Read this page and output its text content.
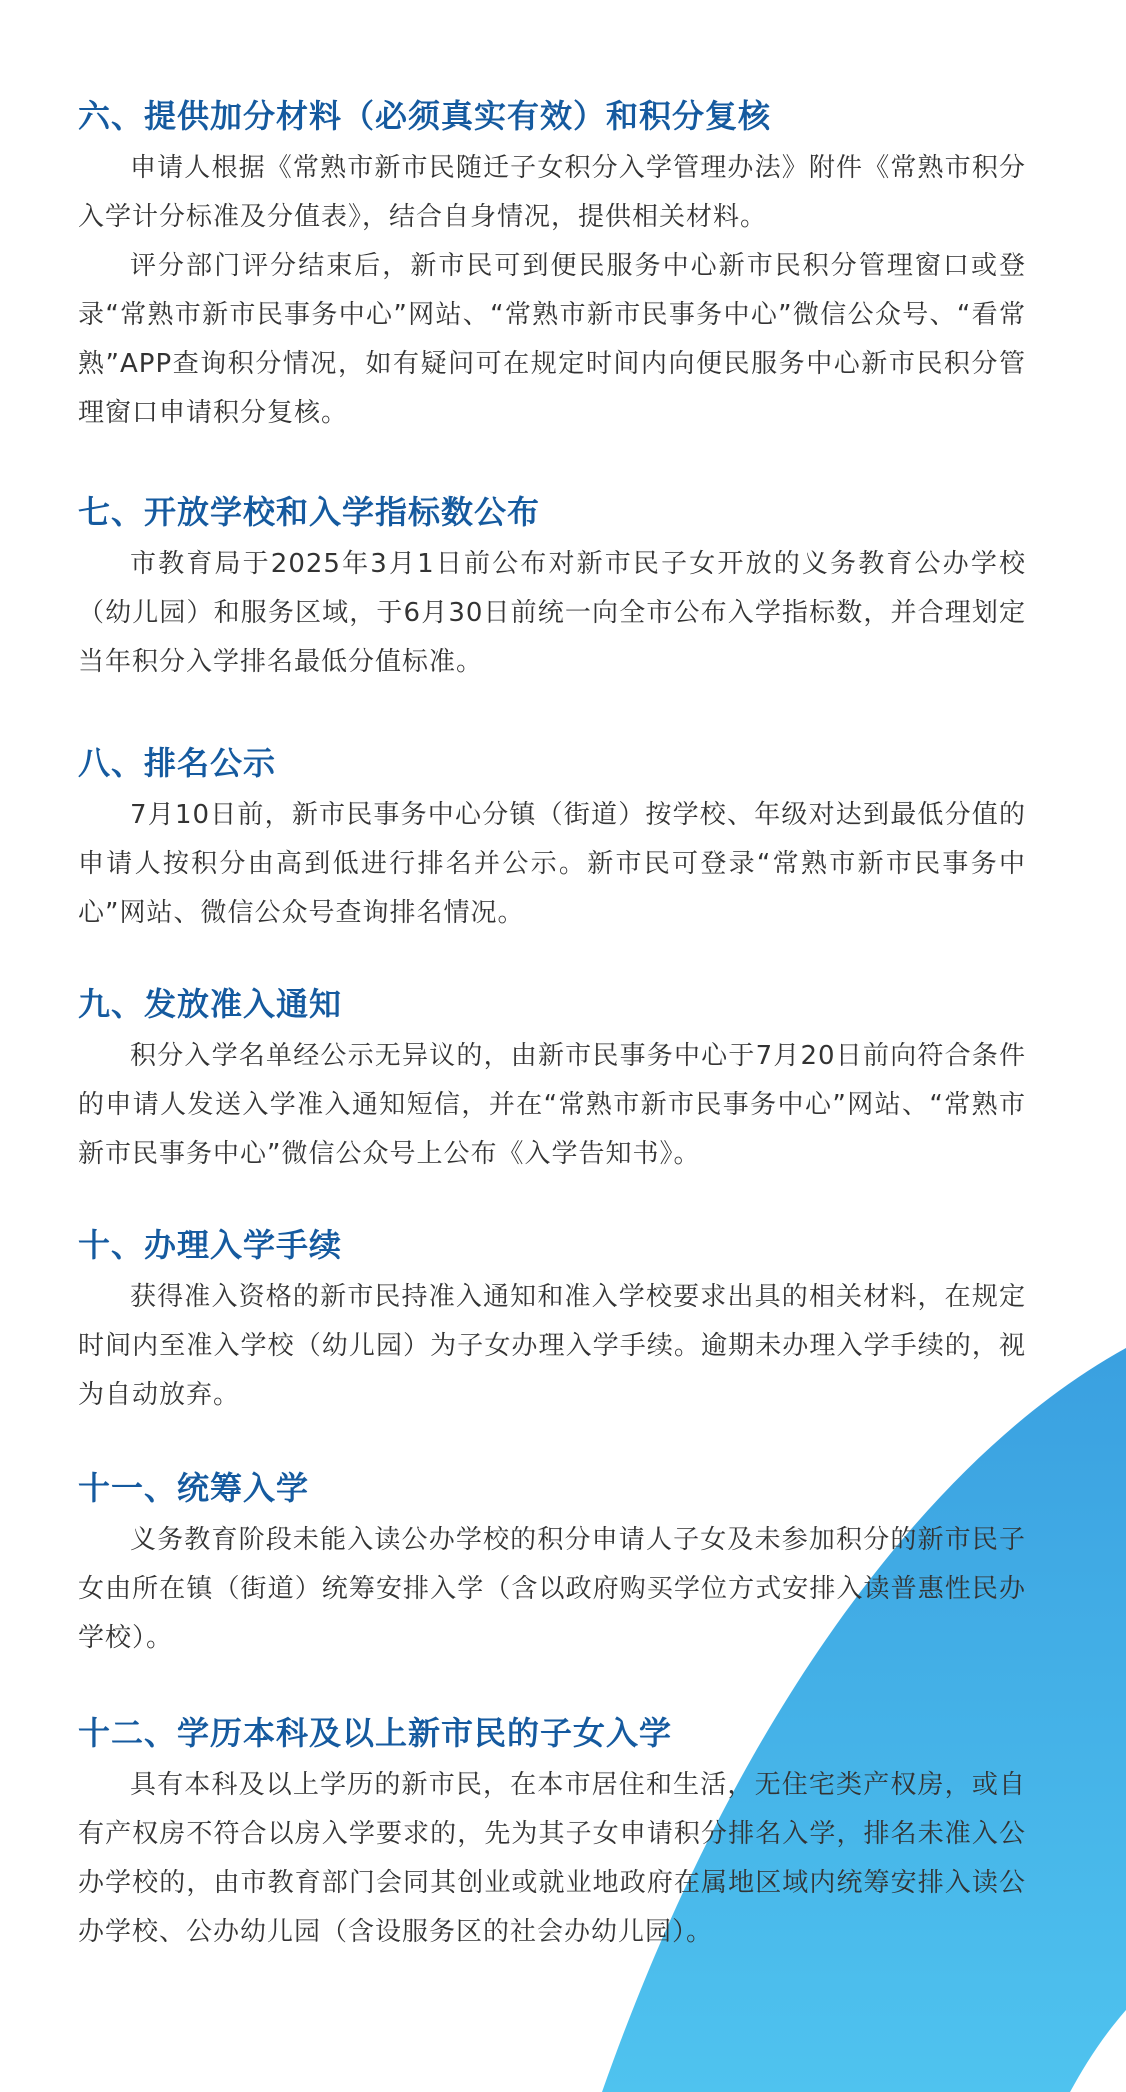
六、提供加分材料（必须真实有效）和积分复核

申请人根据《常熟市新市民随迁子女积分入学管理办法》附件《常熟市积分入学计分标准及分值表》，结合自身情况，提供相关材料。

评分部门评分结束后，新市民可到便民服务中心新市民积分管理窗口或登录“常熟市新市民事务中心”网站、“常熟市新市民事务中心”微信公众号、“看常熟”APP查询积分情况，如有疑问可在规定时间内向便民服务中心新市民积分管理窗口申请积分复核。

七、开放学校和入学指标数公布

市教育局于2025年3月1日前公布对新市民子女开放的义务教育公办学校（幼儿园）和服务区域，于6月30日前统一向全市公布入学指标数，并合理划定当年积分入学排名最低分值标准。

八、排名公示

7月10日前，新市民事务中心分镇（街道）按学校、年级对达到最低分值的申请人按积分由高到低进行排名并公示。新市民可登录“常熟市新市民事务中心”网站、微信公众号查询排名情况。

九、发放准入通知

积分入学名单经公示无异议的，由新市民事务中心于7月20日前向符合条件的申请人发送入学准入通知短信，并在“常熟市新市民事务中心”网站、“常熟市新市民事务中心”微信公众号上公布《入学告知书》。

十、办理入学手续

获得准入资格的新市民持准入通知和准入学校要求出具的相关材料，在规定时间内至准入学校（幼儿园）为子女办理入学手续。逾期未办理入学手续的，视为自动放弃。

十一、统筹入学

义务教育阶段未能入读公办学校的积分申请人子女及未参加积分的新市民子女由所在镇（街道）统筹安排入学（含以政府购买学位方式安排入读普惠性民办学校）。

十二、学历本科及以上新市民的子女入学

具有本科及以上学历的新市民，在本市居住和生活，无住宅类产权房，或自有产权房不符合以房入学要求的，先为其子女申请积分排名入学，排名未准入公办学校的，由市教育部门会同其创业或就业地政府在属地区域内统筹安排入读公办学校、公办幼儿园（含设服务区的社会办幼儿园）。
